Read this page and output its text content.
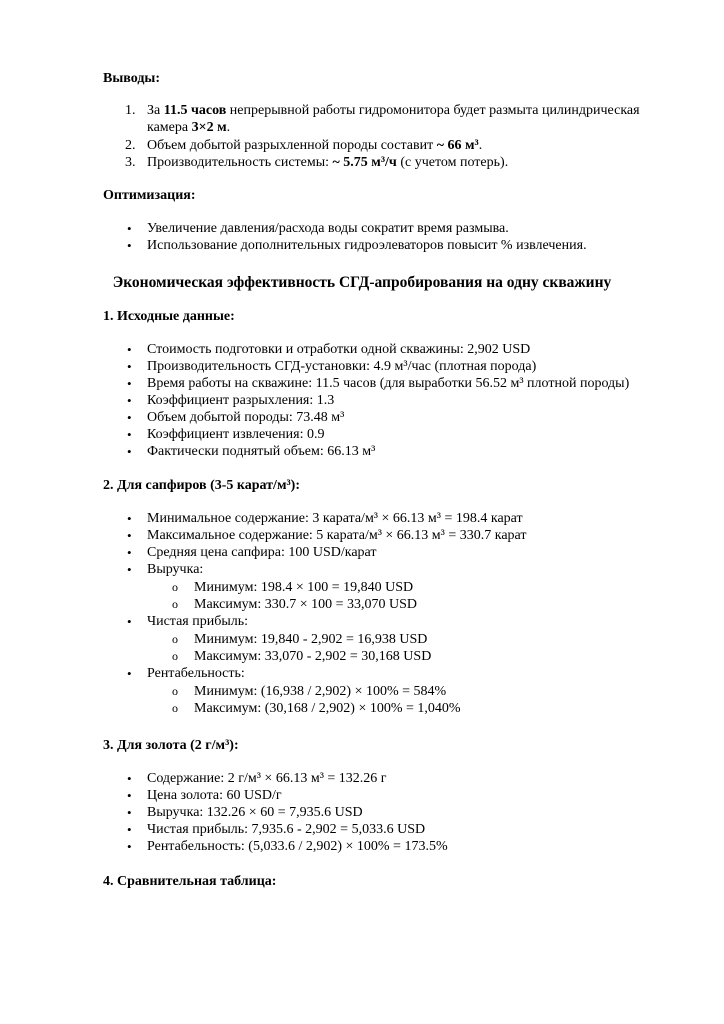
Выводы:
1. За 11.5 часов непрерывной работы гидромонитора будет размыта цилиндрическая
камера 3×2 м.
2. Объем добытой разрыхленной породы составит ~ 66 м³.
3. Производительность системы: ~ 5.75 м³/ч (с учетом потерь).
Оптимизация:
• Увеличение давления/расхода воды сократит время размыва.
• Использование дополнительных гидроэлеваторов повысит % извлечения.
Экономическая эффективность СГД-апробирования на одну скважину
1. Исходные данные:
• Стоимость подготовки и отработки одной скважины: 2,902 USD
• Производительность СГД-установки: 4.9 м³/час (плотная порода)
• Время работы на скважине: 11.5 часов (для выработки 56.52 м³ плотной породы)
• Коэффициент разрыхления: 1.3
• Объем добытой породы: 73.48 м³
• Коэффициент извлечения: 0.9
• Фактически поднятый объем: 66.13 м³
2. Для сапфиров (3-5 карат/м³):
• Минимальное содержание: 3 карата/м³ × 66.13 м³ = 198.4 карат
• Максимальное содержание: 5 карата/м³ × 66.13 м³ = 330.7 карат
• Средняя цена сапфира: 100 USD/карат
• Выручка:
o Минимум: 198.4 × 100 = 19,840 USD
o Максимум: 330.7 × 100 = 33,070 USD
• Чистая прибыль:
o Минимум: 19,840 - 2,902 = 16,938 USD
o Максимум: 33,070 - 2,902 = 30,168 USD
• Рентабельность:
o Минимум: (16,938 / 2,902) × 100% = 584%
o Максимум: (30,168 / 2,902) × 100% = 1,040%
3. Для золота (2 г/м³):
• Содержание: 2 г/м³ × 66.13 м³ = 132.26 г
• Цена золота: 60 USD/г
• Выручка: 132.26 × 60 = 7,935.6 USD
• Чистая прибыль: 7,935.6 - 2,902 = 5,033.6 USD
• Рентабельность: (5,033.6 / 2,902) × 100% = 173.5%
4. Сравнительная таблица:
